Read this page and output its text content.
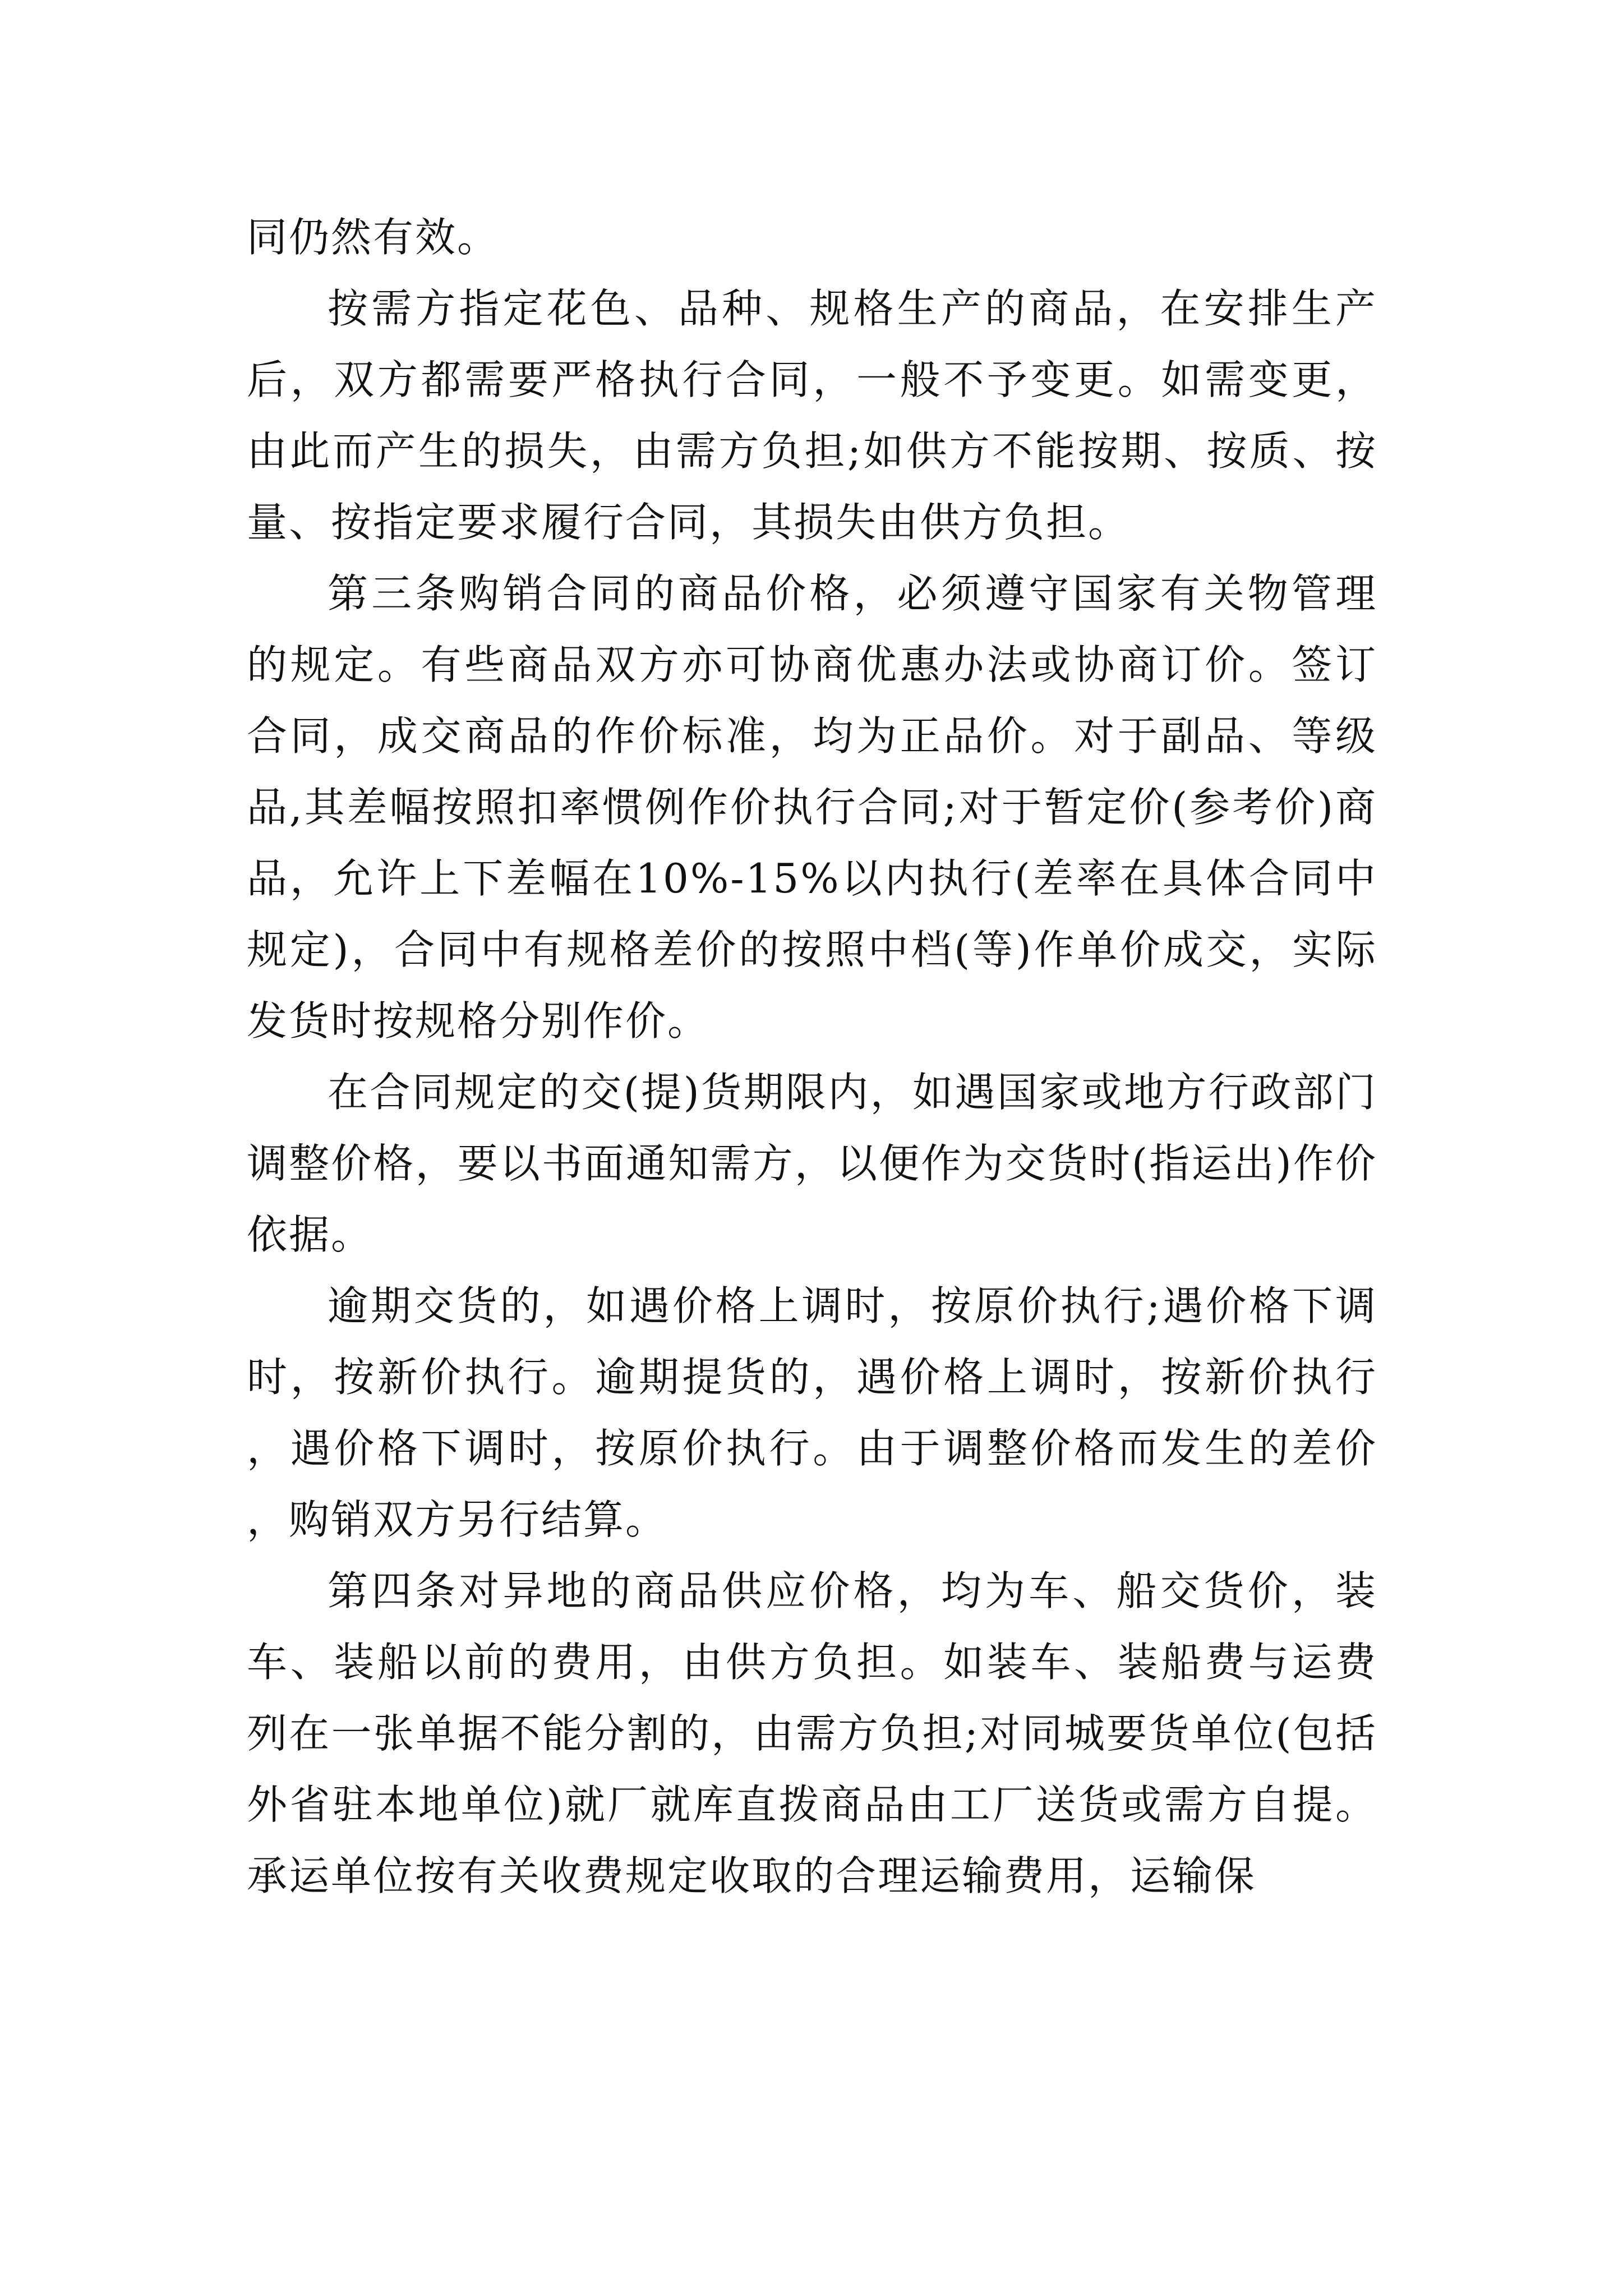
同仍然有效。

按需方指定花色、品种、规格生产的商品，在安排生产后，双方都需要严格执行合同，一般不予变更。如需变更，由此而产生的损失，由需方负担;如供方不能按期、按质、按量、按指定要求履行合同，其损失由供方负担。

第三条购销合同的商品价格，必须遵守国家有关物管理的规定。有些商品双方亦可协商优惠办法或协商订价。签订合同，成交商品的作价标准，均为正品价。对于副品、等级品,其差幅按照扣率惯例作价执行合同;对于暂定价(参考价)商品，允许上下差幅在10%-15%以内执行(差率在具体合同中规定)，合同中有规格差价的按照中档(等)作单价成交，实际发货时按规格分别作价。

在合同规定的交(提)货期限内，如遇国家或地方行政部门调整价格，要以书面通知需方，以便作为交货时(指运出)作价依据。

逾期交货的，如遇价格上调时，按原价执行;遇价格下调时，按新价执行。逾期提货的，遇价格上调时，按新价执行，遇价格下调时，按原价执行。由于调整价格而发生的差价，购销双方另行结算。

第四条对异地的商品供应价格，均为车、船交货价，装车、装船以前的费用，由供方负担。如装车、装船费与运费列在一张单据不能分割的，由需方负担;对同城要货单位(包括外省驻本地单位)就厂就库直拨商品由工厂送货或需方自提。承运单位按有关收费规定收取的合理运输费用，运输保
